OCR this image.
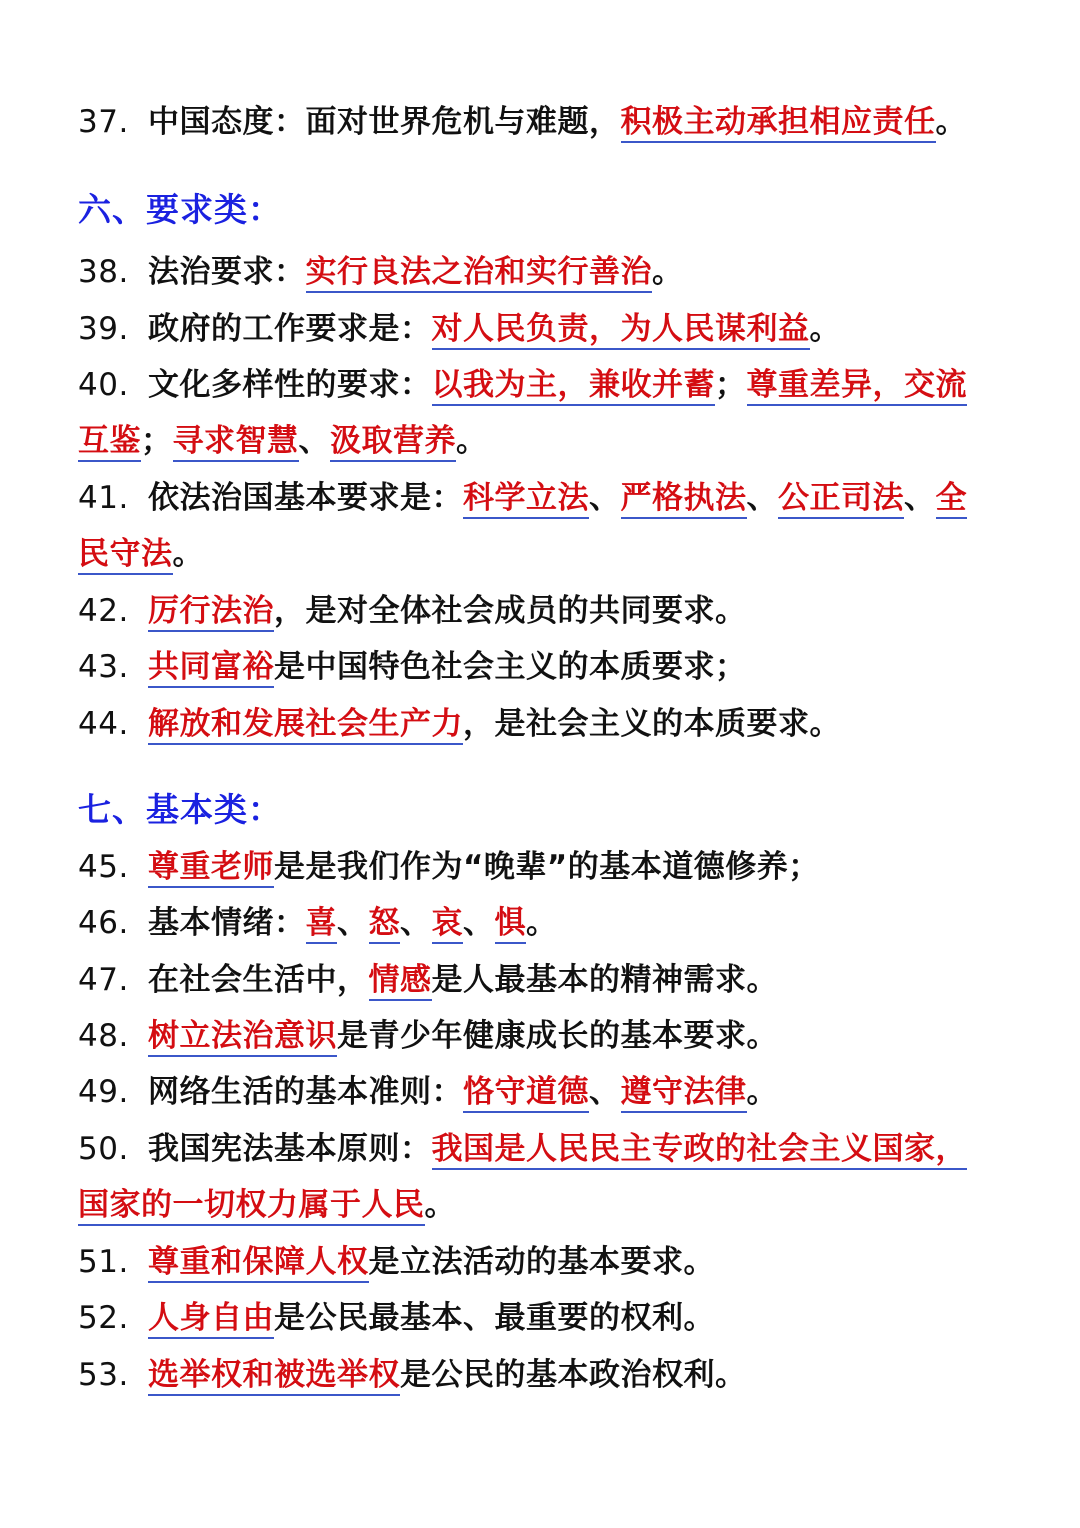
37. 中国态度：面对世界危机与难题，积极主动承担相应责任。
六、要求类：
38. 法治要求：实行良法之治和实行善治。
39. 政府的工作要求是：对人民负责，为人民谋利益。
40. 文化多样性的要求：以我为主，兼收并蓄；尊重差异，交流
互鉴；寻求智慧、汲取营养。
41. 依法治国基本要求是：科学立法、严格执法、公正司法、全
民守法。
42. 厉行法治，是对全体社会成员的共同要求。
43. 共同富裕是中国特色社会主义的本质要求；
44. 解放和发展社会生产力，是社会主义的本质要求。
七、基本类：
45. 尊重老师是是我们作为“晚辈”的基本道德修养；
46. 基本情绪：喜、怒、哀、惧。
47. 在社会生活中，情感是人最基本的精神需求。
48. 树立法治意识是青少年健康成长的基本要求。
49. 网络生活的基本准则：恪守道德、遵守法律。
50. 我国宪法基本原则：我国是人民民主专政的社会主义国家，
国家的一切权力属于人民。
51. 尊重和保障人权是立法活动的基本要求。
52. 人身自由是公民最基本、最重要的权利。
53. 选举权和被选举权是公民的基本政治权利。
